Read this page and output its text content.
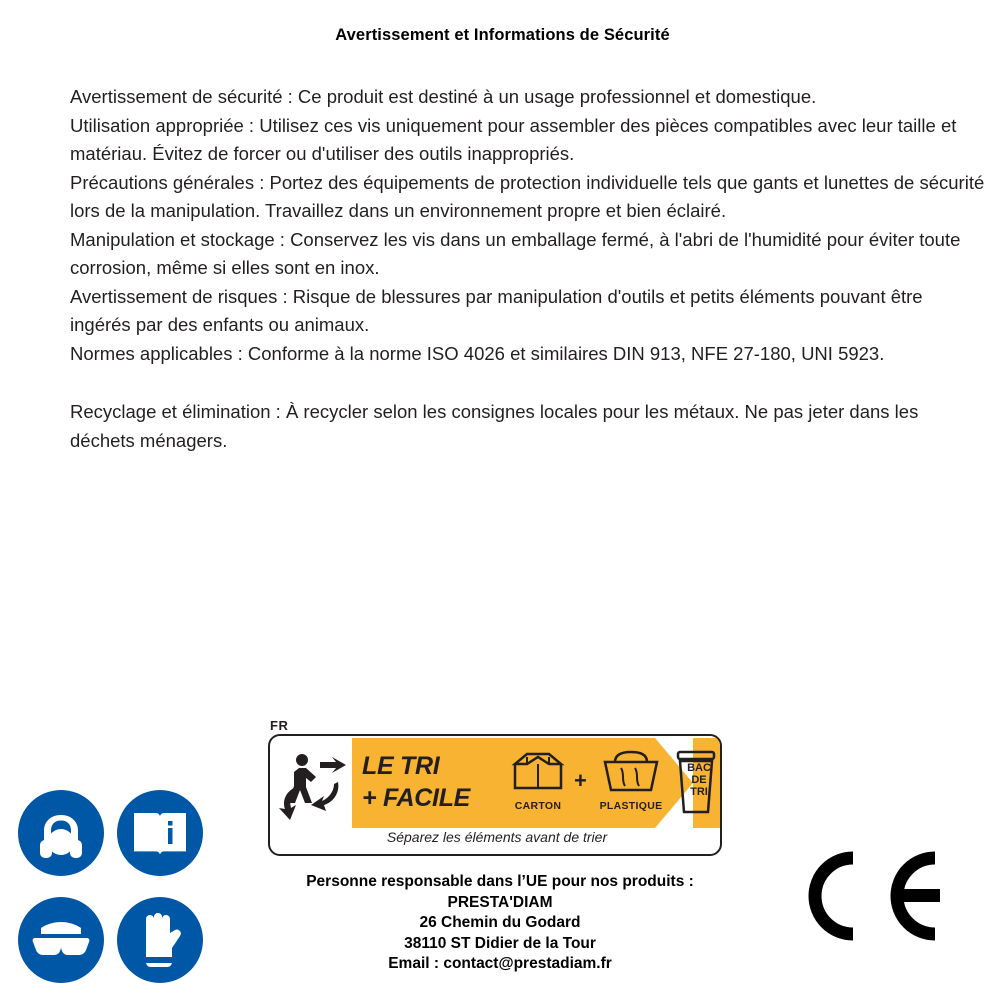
Avertissement et Informations de Sécurité

Avertissement de sécurité : Ce produit est destiné à un usage professionnel et domestique.

Utilisation appropriée : Utilisez ces vis uniquement pour assembler des pièces compatibles avec leur taille et matériau. Évitez de forcer ou d'utiliser des outils inappropriés.

Précautions générales : Portez des équipements de protection individuelle tels que gants et lunettes de sécurité lors de la manipulation. Travaillez dans un environnement propre et bien éclairé.

Manipulation et stockage : Conservez les vis dans un emballage fermé, à l'abri de l'humidité pour éviter toute corrosion, même si elles sont en inox.

Avertissement de risques : Risque de blessures par manipulation d'outils et petits éléments pouvant être ingérés par des enfants ou animaux.

Normes applicables : Conforme à la norme ISO 4026 et similaires DIN 913, NFE 27-180, UNI 5923.

Recyclage et élimination : À recycler selon les consignes locales pour les métaux. Ne pas jeter dans les déchets ménagers.

FR
LE TRI
+ FACILE	CARTON
+
PLASTIQUE
BAC
DE
TRI
Séparez les éléments avant de trier
Personne responsable dans l’UE pour nos produits :
PRESTA'DIAM
26 Chemin du Godard
38110 ST Didier de la Tour
Email : contact@prestadiam.fr
